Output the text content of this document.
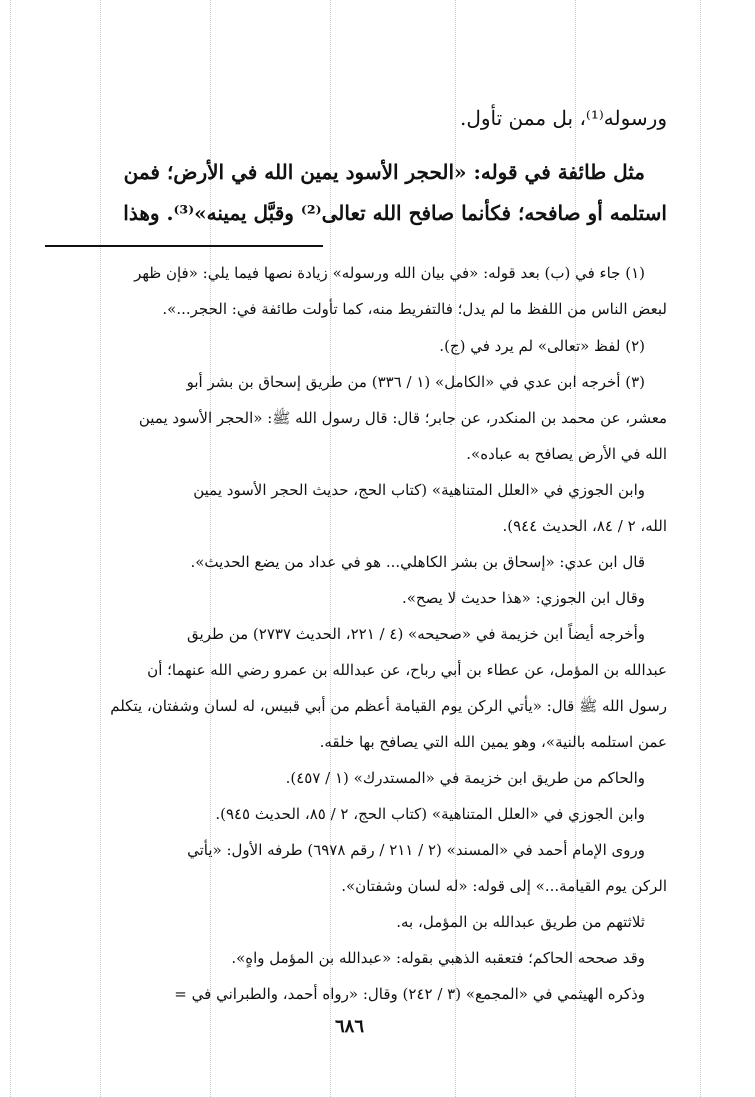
ورسوله⁽¹⁾، بل ممن تأول.
مثل طائفة في قوله: «الحجر الأسود يمين الله في الأرض؛ فمن
استلمه أو صافحه؛ فكأنما صافح الله تعالى⁽²⁾ وقبَّل يمينه»⁽³⁾. وهذا
(١) جاء في (ب) بعد قوله: «في بيان الله ورسوله» زيادة نصها فيما يلي: «فإن ظهر
لبعض الناس من اللفظ ما لم يدل؛ فالتفريط منه، كما تأولت طائفة في: الحجر...».
(٢) لفظ «تعالى» لم يرد في (ج).
(٣) أخرجه ابن عدي في «الكامل» (١ / ٣٣٦) من طريق إسحاق بن بشر أبو
معشر، عن محمد بن المنكدر، عن جابر؛ قال: قال رسول الله ﷺ: «الحجر الأسود يمين
الله في الأرض يصافح به عباده».
وابن الجوزي في «العلل المتناهية» (كتاب الحج، حديث الحجر الأسود يمين
الله، ٢ / ٨٤، الحديث ٩٤٤).
قال ابن عدي: «إسحاق بن بشر الكاهلي... هو في عداد من يضع الحديث».
وقال ابن الجوزي: «هذا حديث لا يصح».
وأخرجه أيضاً ابن خزيمة في «صحيحه» (٤ / ٢٢١، الحديث ٢٧٣٧) من طريق
عبدالله بن المؤمل، عن عطاء بن أبي رباح، عن عبدالله بن عمرو رضي الله عنهما؛ أن
رسول الله ﷺ قال: «يأتي الركن يوم القيامة أعظم من أبي قبيس، له لسان وشفتان، يتكلم
عمن استلمه بالنية»، وهو يمين الله التي يصافح بها خلقه.
والحاكم من طريق ابن خزيمة في «المستدرك» (١ / ٤٥٧).
وابن الجوزي في «العلل المتناهية» (كتاب الحج، ٢ / ٨٥، الحديث ٩٤٥).
وروى الإمام أحمد في «المسند» (٢ / ٢١١ / رقم ٦٩٧٨) طرفه الأول: «يأتي
الركن يوم القيامة...» إلى قوله: «له لسان وشفتان».
ثلاثتهم من طريق عبدالله بن المؤمل، به.
وقد صححه الحاكم؛ فتعقبه الذهبي بقوله: «عبدالله بن المؤمل واهٍ».
وذكره الهيثمي في «المجمع» (٣ / ٢٤٢) وقال: «رواه أحمد، والطبراني في =
٦٨٦
